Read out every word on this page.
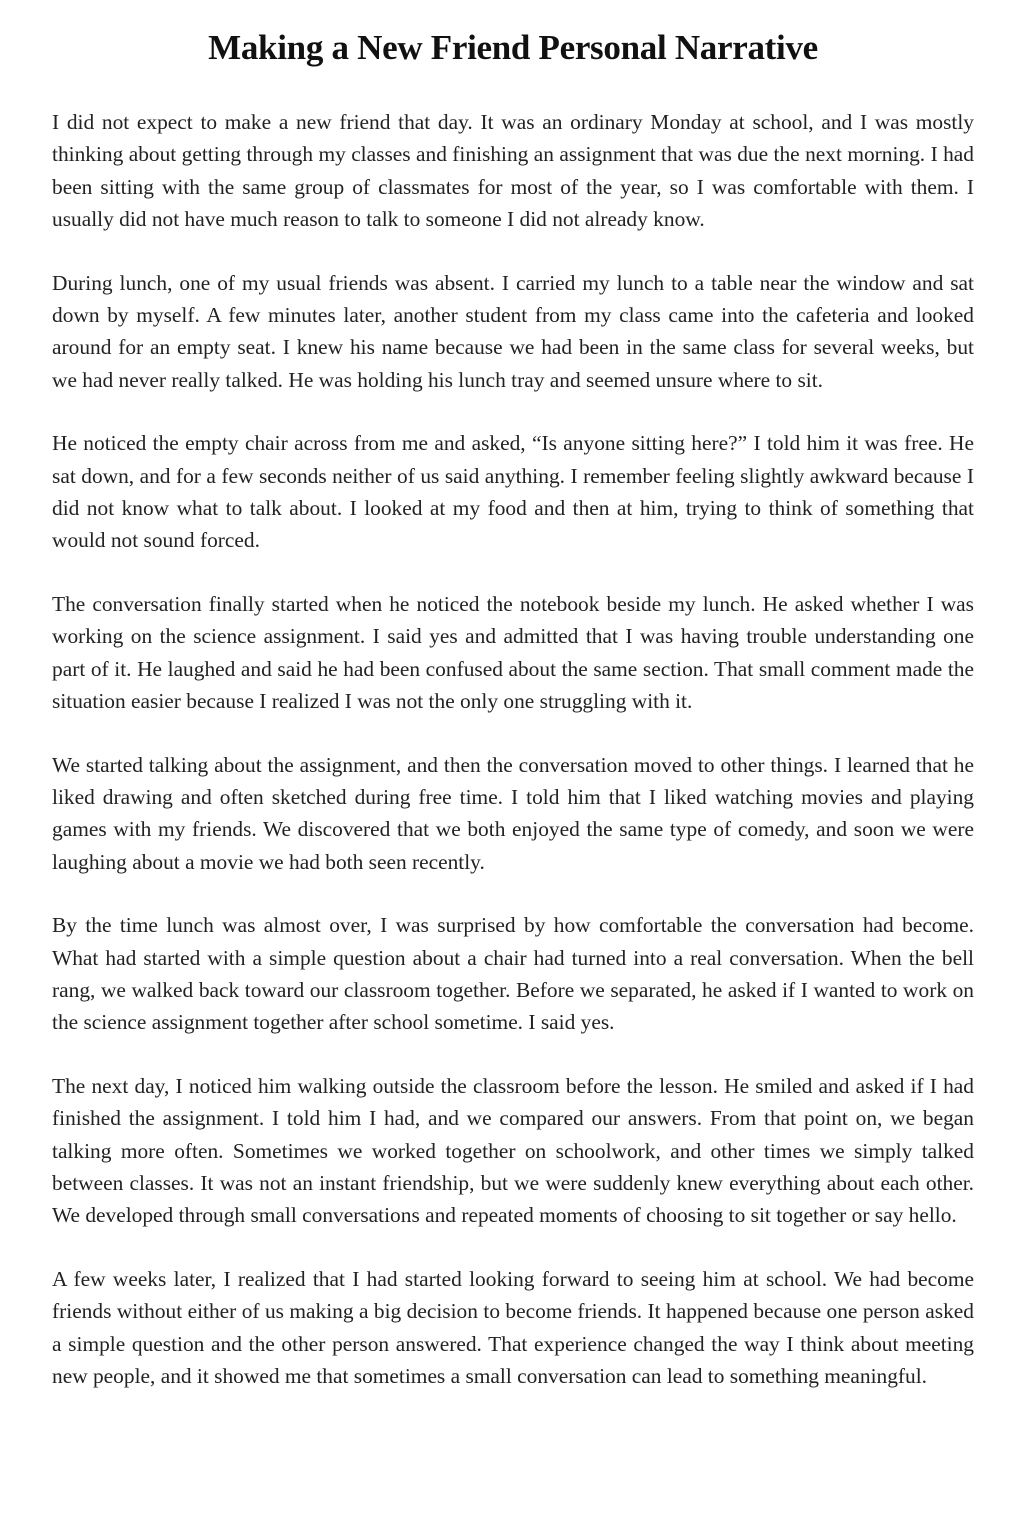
Making a New Friend Personal Narrative

I did not expect to make a new friend that day. It was an ordinary Monday at school, and I was mostly thinking about getting through my classes and finishing an assignment that was due the next morning. I had been sitting with the same group of classmates for most of the year, so I was comfortable with them. I usually did not have much reason to talk to someone I did not already know.

During lunch, one of my usual friends was absent. I carried my lunch to a table near the window and sat down by myself. A few minutes later, another student from my class came into the cafeteria and looked around for an empty seat. I knew his name because we had been in the same class for several weeks, but we had never really talked. He was holding his lunch tray and seemed unsure where to sit.

He noticed the empty chair across from me and asked, “Is anyone sitting here?” I told him it was free. He sat down, and for a few seconds neither of us said anything. I remember feeling slightly awkward because I did not know what to talk about. I looked at my food and then at him, trying to think of something that would not sound forced.

The conversation finally started when he noticed the notebook beside my lunch. He asked whether I was working on the science assignment. I said yes and admitted that I was having trouble understanding one part of it. He laughed and said he had been confused about the same section. That small comment made the situation easier because I realized I was not the only one struggling with it.

We started talking about the assignment, and then the conversation moved to other things. I learned that he liked drawing and often sketched during free time. I told him that I liked watching movies and playing games with my friends. We discovered that we both enjoyed the same type of comedy, and soon we were laughing about a movie we had both seen recently.

By the time lunch was almost over, I was surprised by how comfortable the conversation had become. What had started with a simple question about a chair had turned into a real conversation. When the bell rang, we walked back toward our classroom together. Before we separated, he asked if I wanted to work on the science assignment together after school sometime. I said yes.

The next day, I noticed him walking outside the classroom before the lesson. He smiled and asked if I had finished the assignment. I told him I had, and we compared our answers. From that point on, we began talking more often. Sometimes we worked together on schoolwork, and other times we simply talked between classes. It was not an instant friendship, but we were suddenly knew everything about each other. We developed through small conversations and repeated moments of choosing to sit together or say hello.

A few weeks later, I realized that I had started looking forward to seeing him at school. We had become friends without either of us making a big decision to become friends. It happened because one person asked a simple question and the other person answered. That experience changed the way I think about meeting new people, and it showed me that sometimes a small conversation can lead to something meaningful.
